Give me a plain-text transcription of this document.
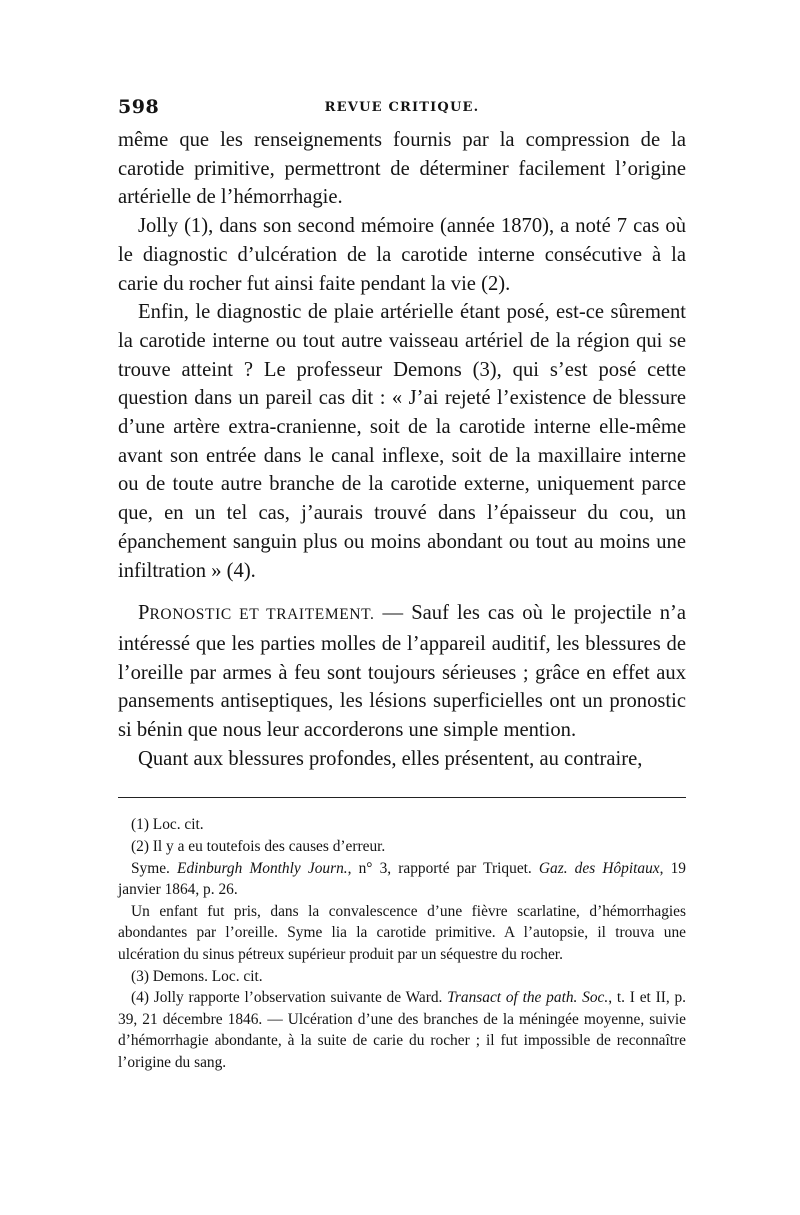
598	REVUE CRITIQUE.

même que les renseignements fournis par la compression de la carotide primitive, permettront de déterminer facilement l’origine artérielle de l’hémorrhagie.

Jolly (1), dans son second mémoire (année 1870), a noté 7 cas où le diagnostic d’ulcération de la carotide interne consécutive à la carie du rocher fut ainsi faite pendant la vie (2).

Enfin, le diagnostic de plaie artérielle étant posé, est-ce sûrement la carotide interne ou tout autre vaisseau artériel de la région qui se trouve atteint ? Le professeur Demons (3), qui s’est posé cette question dans un pareil cas dit : « J’ai rejeté l’existence de blessure d’une artère extra-cranienne, soit de la carotide interne elle-même avant son entrée dans le canal inflexe, soit de la maxillaire interne ou de toute autre branche de la carotide externe, uniquement parce que, en un tel cas, j’aurais trouvé dans l’épaisseur du cou, un épanchement sanguin plus ou moins abondant ou tout au moins une infiltration » (4).

PRONOSTIC ET TRAITEMENT. — Sauf les cas où le projectile n’a intéressé que les parties molles de l’appareil auditif, les blessures de l’oreille par armes à feu sont toujours sérieuses ; grâce en effet aux pansements antiseptiques, les lésions superficielles ont un pronostic si bénin que nous leur accorderons une simple mention.

Quant aux blessures profondes, elles présentent, au contraire,

(1) Loc. cit.

(2) Il y a eu toutefois des causes d’erreur.

Syme. Edinburgh Monthly Journ., n° 3, rapporté par Triquet. Gaz. des Hôpitaux, 19 janvier 1864, p. 26.

Un enfant fut pris, dans la convalescence d’une fièvre scarlatine, d’hémorrhagies abondantes par l’oreille. Syme lia la carotide primitive. A l’autopsie, il trouva une ulcération du sinus pétreux supérieur produit par un séquestre du rocher.

(3) Demons. Loc. cit.

(4) Jolly rapporte l’observation suivante de Ward. Transact of the path. Soc., t. I et II, p. 39, 21 décembre 1846. — Ulcération d’une des branches de la méningée moyenne, suivie d’hémorrhagie abondante, à la suite de carie du rocher ; il fut impossible de reconnaître l’origine du sang.
